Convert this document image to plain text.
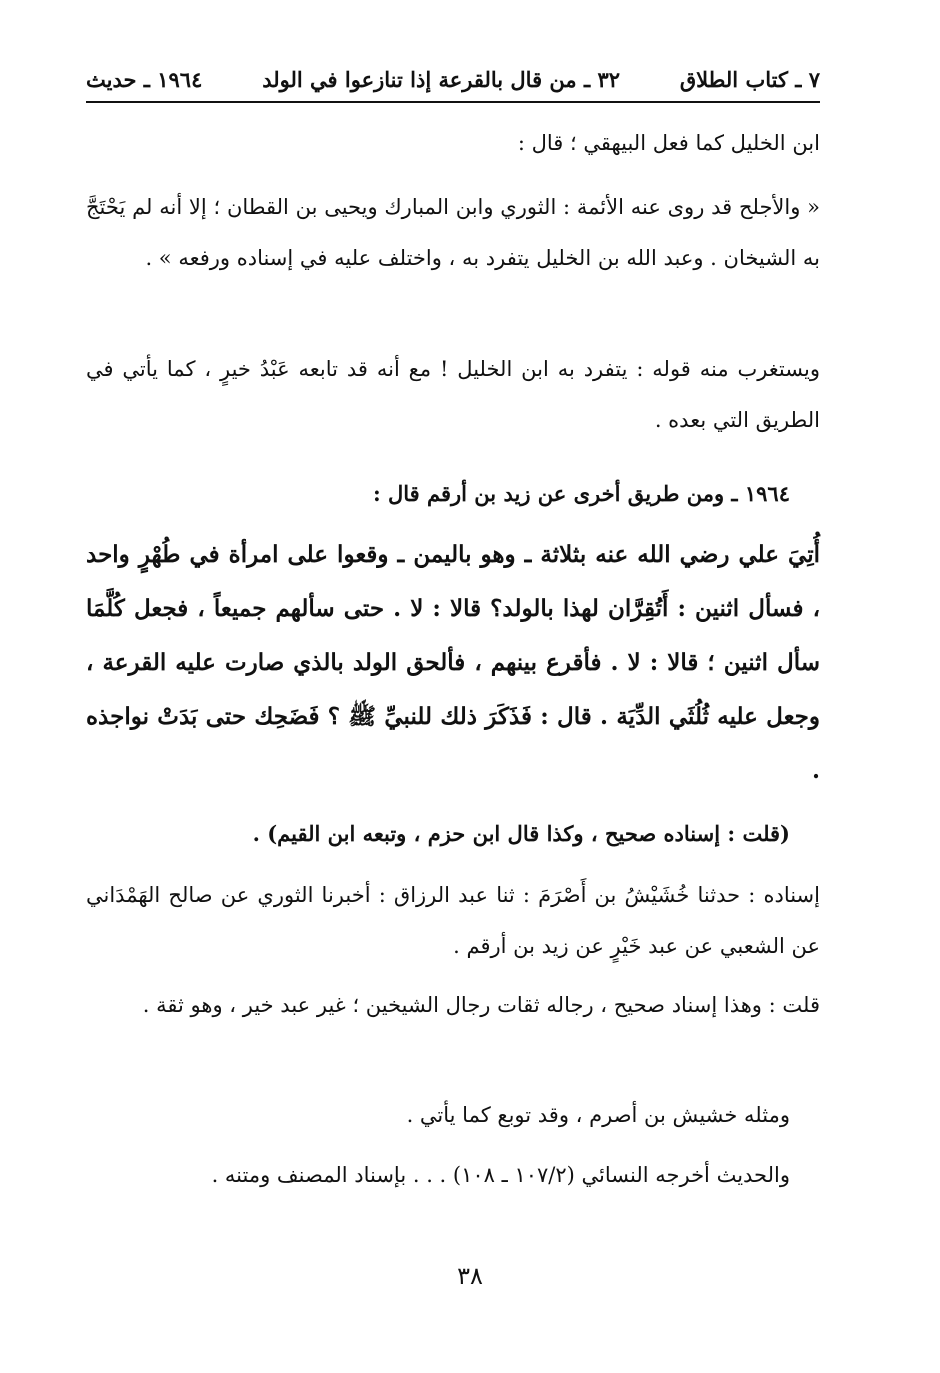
٧ ـ كتاب الطلاق
٣٢ ـ من قال بالقرعة إذا تنازعوا في الولد
١٩٦٤ ـ حديث

ابن الخليل كما فعل البيهقي ؛ قال :

« والأجلح قد روى عنه الأئمة : الثوري وابن المبارك ويحيى بن القطان ؛ إلا أنه لم يَحْتَجَّ به الشيخان . وعبد الله بن الخليل يتفرد به ، واختلف عليه في إسناده ورفعه » .

ويستغرب منه قوله : يتفرد به ابن الخليل ! مع أنه قد تابعه عَبْدُ خيرٍ ، كما يأتي في الطريق التي بعده .

١٩٦٤ ـ ومن طريق أخرى عن زيد بن أرقم قال :

أُتِيَ علي رضي الله عنه بثلاثة ـ وهو باليمن ـ وقعوا على امرأة في طُهْرٍ واحد ، فسأل اثنين : أَتُقِرَّان لهذا بالولد؟ قالا : لا . حتى سألهم جميعاً ، فجعل كُلَّمَا سأل اثنين ؛ قالا : لا . فأقرع بينهم ، فألحق الولد بالذي صارت عليه القرعة ، وجعل عليه ثُلُثَي الدِّيَة . قال : فَذَكَرَ ذلك للنبيِّ ﷺ ؟ فَضَحِك حتى بَدَتْ نواجذه .

(قلت : إسناده صحيح ، وكذا قال ابن حزم ، وتبعه ابن القيم) .

إسناده : حدثنا خُشَيْشُ بن أَصْرَمَ : ثنا عبد الرزاق : أخبرنا الثوري عن صالح الهَمْدَاني عن الشعبي عن عبد خَيْرٍ عن زيد بن أرقم .

قلت : وهذا إسناد صحيح ، رجاله ثقات رجال الشيخين ؛ غير عبد خير ، وهو ثقة .

ومثله خشيش بن أصرم ، وقد توبع كما يأتي .

والحديث أخرجه النسائي (١٠٧/٢ ـ ١٠٨) . . . بإسناد المصنف ومتنه .

٣٨
